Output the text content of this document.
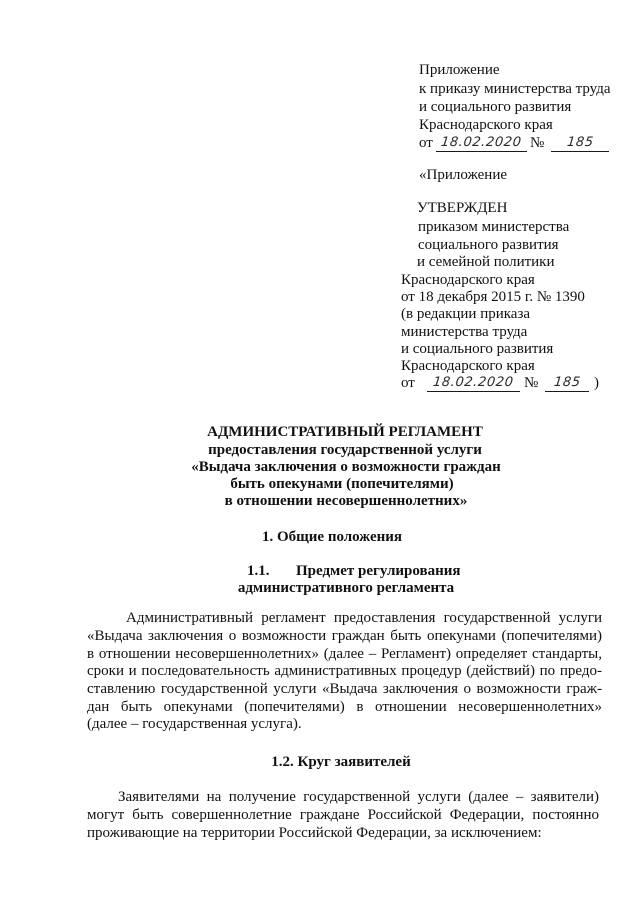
Приложение
к приказу министерства труда
и социального развития
Краснодарского края
от 18.02.2020 №	185
«Приложение
УТВЕРЖДЕН
приказом министерства
социального развития
и семейной политики
Краснодарского края
от 18 декабря 2015 г. № 1390
(в редакции приказа
министерства труда
и социального развития
Краснодарского края
от	18.02.2020 №	185 )
АДМИНИСТРАТИВНЫЙ РЕГЛАМЕНТ
предоставления государственной услуги
«Выдача заключения о возможности граждан
быть опекунами (попечителями)
в отношении несовершеннолетних»
1. Общие положения
1.1. Предмет регулирования
административного регламента
Административный регламент предоставления государственной услуги
«Выдача заключения о возможности граждан быть опекунами (попечителями)
в отношении несовершеннолетних» (далее – Регламент) определяет стандарты,
сроки и последовательность административных процедур (действий) по предо-
ставлению государственной услуги «Выдача заключения о возможности граж-
дан быть опекунами (попечителями) в отношении несовершеннолетних»
(далее – государственная услуга).
1.2. Круг заявителей
Заявителями на получение государственной услуги (далее – заявители)
могут быть совершеннолетние граждане Российской Федерации, постоянно
проживающие на территории Российской Федерации, за исключением:
